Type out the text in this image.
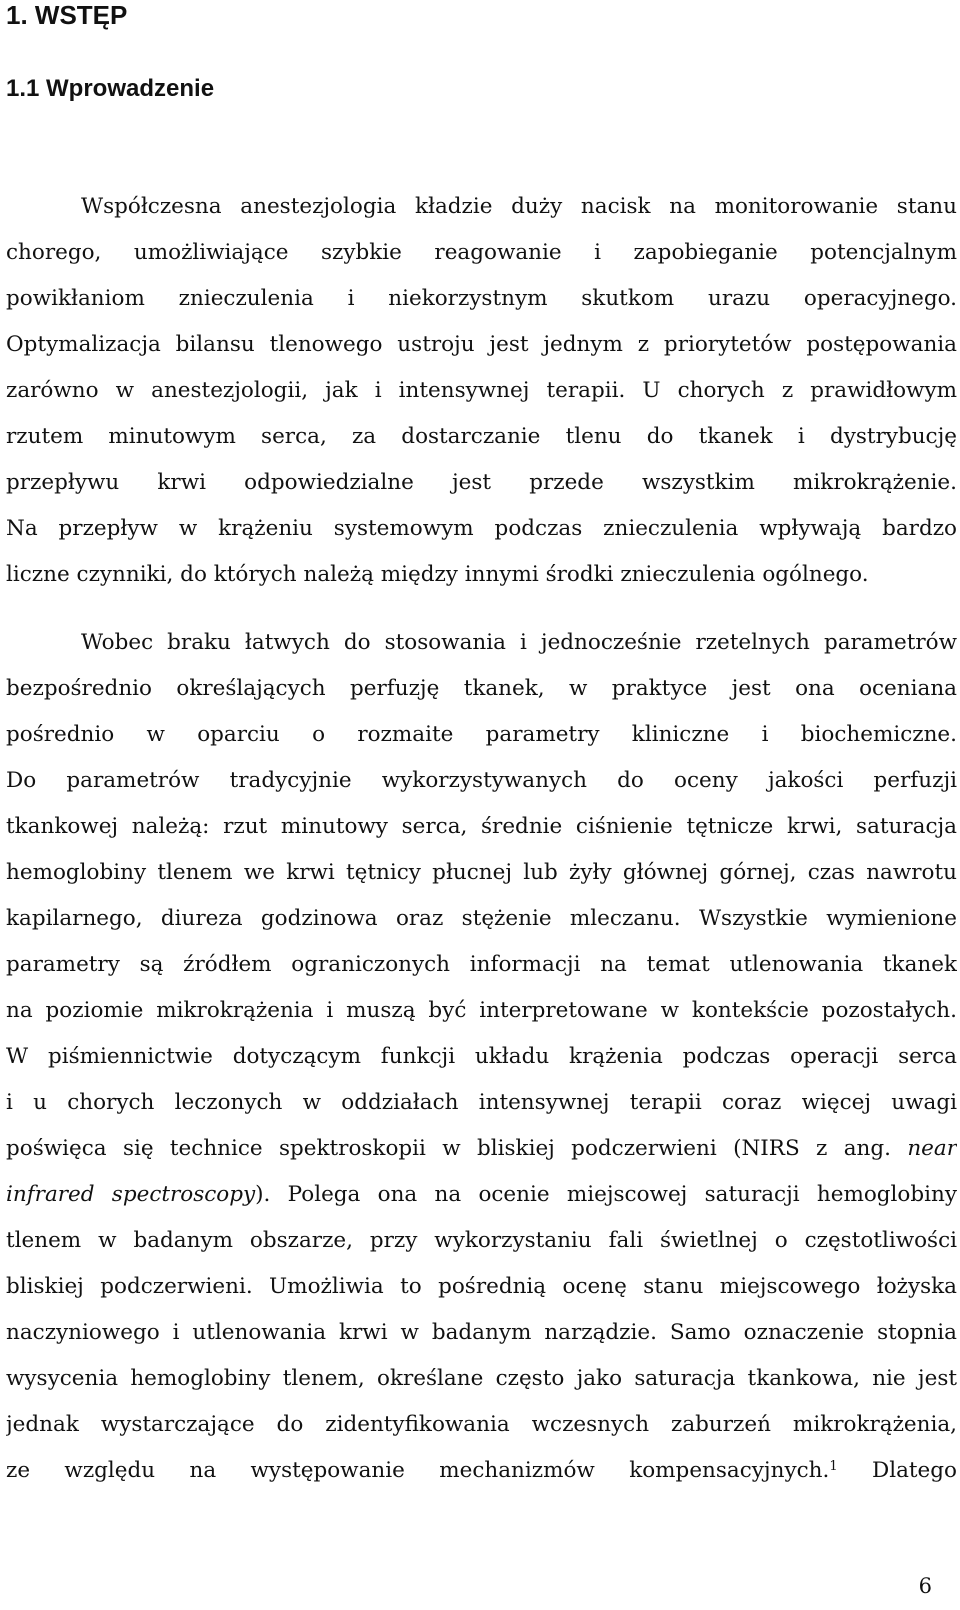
1. WSTĘP
1.1 Wprowadzenie
Współczesna anestezjologia kładzie duży nacisk na monitorowanie stanu
chorego, umożliwiające szybkie reagowanie i zapobieganie potencjalnym
powikłaniom znieczulenia i niekorzystnym skutkom urazu operacyjnego.
Optymalizacja bilansu tlenowego ustroju jest jednym z priorytetów postępowania
zarówno w anestezjologii, jak i intensywnej terapii. U chorych z prawidłowym
rzutem minutowym serca, za dostarczanie tlenu do tkanek i dystrybucję
przepływu krwi odpowiedzialne jest przede wszystkim mikrokrążenie.
Na przepływ w krążeniu systemowym podczas znieczulenia wpływają bardzo
liczne czynniki, do których należą między innymi środki znieczulenia ogólnego.
Wobec braku łatwych do stosowania i jednocześnie rzetelnych parametrów
bezpośrednio określających perfuzję tkanek, w praktyce jest ona oceniana
pośrednio w oparciu o rozmaite parametry kliniczne i biochemiczne.
Do parametrów tradycyjnie wykorzystywanych do oceny jakości perfuzji
tkankowej należą: rzut minutowy serca, średnie ciśnienie tętnicze krwi, saturacja
hemoglobiny tlenem we krwi tętnicy płucnej lub żyły głównej górnej, czas nawrotu
kapilarnego, diureza godzinowa oraz stężenie mleczanu. Wszystkie wymienione
parametry są źródłem ograniczonych informacji na temat utlenowania tkanek
na poziomie mikrokrążenia i muszą być interpretowane w kontekście pozostałych.
W piśmiennictwie dotyczącym funkcji układu krążenia podczas operacji serca
i u chorych leczonych w oddziałach intensywnej terapii coraz więcej uwagi
poświęca się technice spektroskopii w bliskiej podczerwieni (NIRS z ang. near
infrared spectroscopy). Polega ona na ocenie miejscowej saturacji hemoglobiny
tlenem w badanym obszarze, przy wykorzystaniu fali świetlnej o częstotliwości
bliskiej podczerwieni. Umożliwia to pośrednią ocenę stanu miejscowego łożyska
naczyniowego i utlenowania krwi w badanym narządzie. Samo oznaczenie stopnia
wysycenia hemoglobiny tlenem, określane często jako saturacja tkankowa, nie jest
jednak wystarczające do zidentyfikowania wczesnych zaburzeń mikrokrążenia,
ze względu na występowanie mechanizmów kompensacyjnych.$^1$ Dlatego
6
